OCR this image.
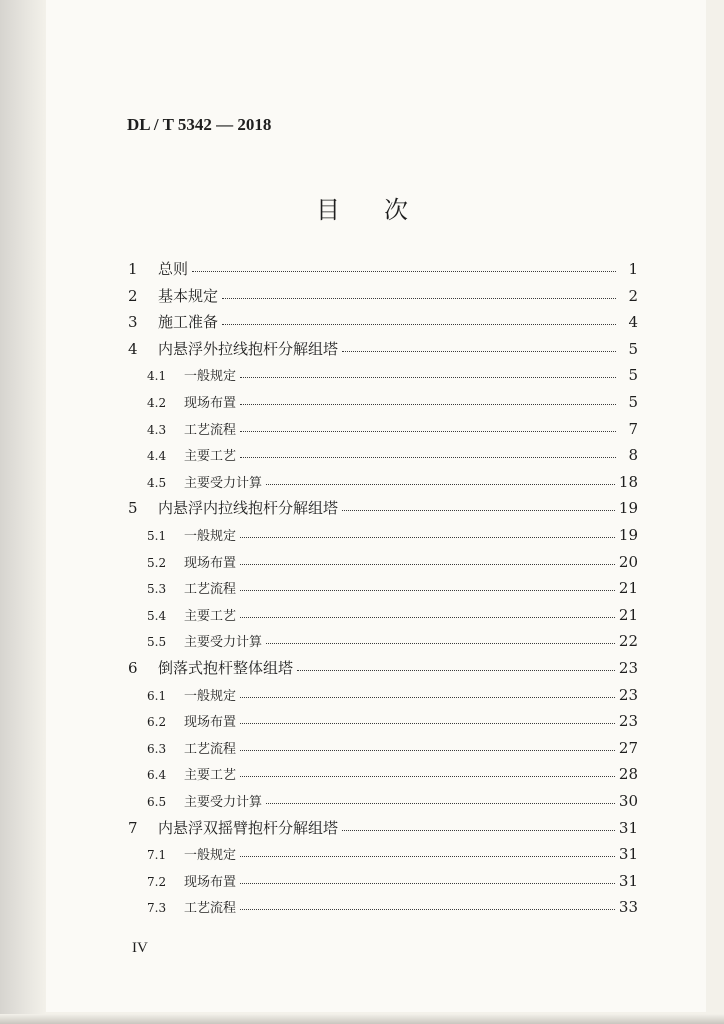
DL / T 5342 — 2018
目次
1	总则	1
2	基本规定	2
3	施工准备	4
4	内悬浮外拉线抱杆分解组塔	5
4.1	一般规定	5
4.2	现场布置	5
4.3	工艺流程	7
4.4	主要工艺	8
4.5	主要受力计算	18
5	内悬浮内拉线抱杆分解组塔	19
5.1	一般规定	19
5.2	现场布置	20
5.3	工艺流程	21
5.4	主要工艺	21
5.5	主要受力计算	22
6	倒落式抱杆整体组塔	23
6.1	一般规定	23
6.2	现场布置	23
6.3	工艺流程	27
6.4	主要工艺	28
6.5	主要受力计算	30
7	内悬浮双摇臂抱杆分解组塔	31
7.1	一般规定	31
7.2	现场布置	31
7.3	工艺流程	33
IV
